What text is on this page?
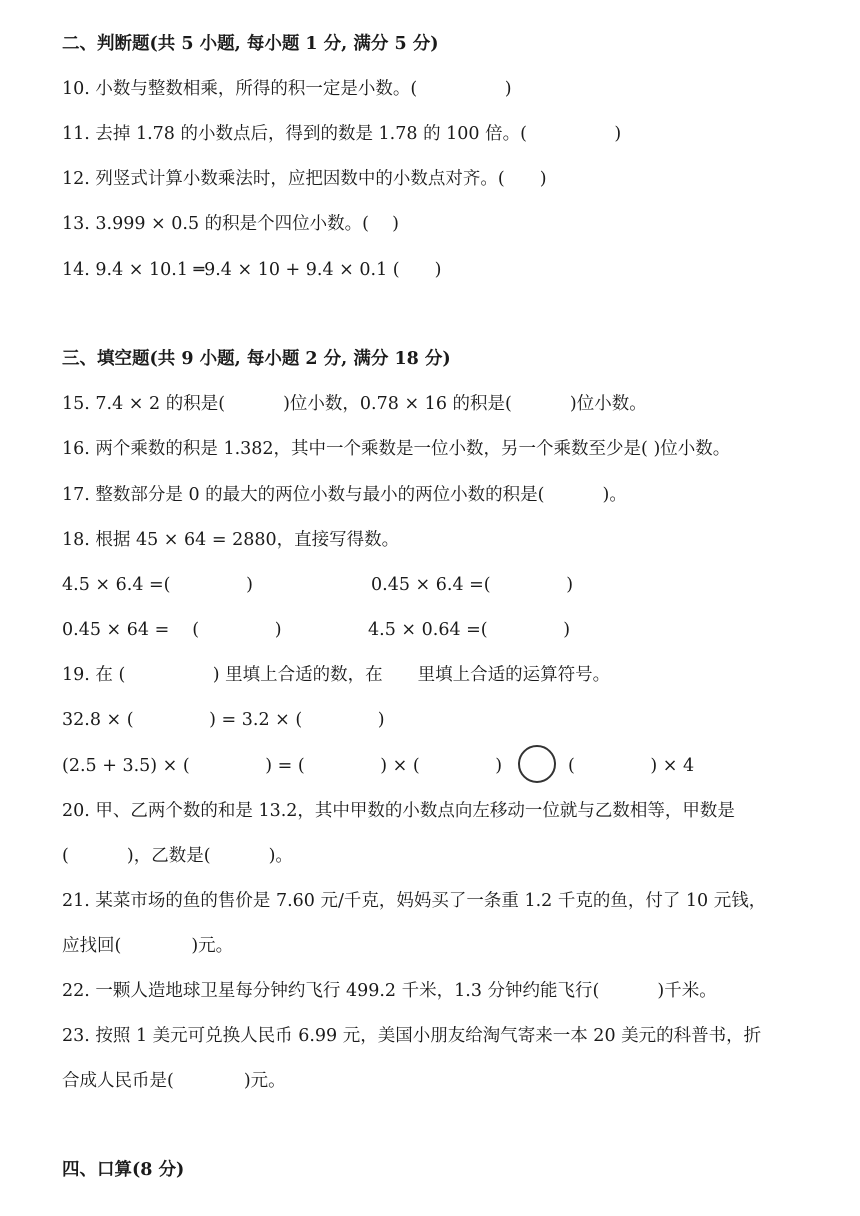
二、判断题(共 5 小题, 每小题 1 分, 满分 5 分)
10. 小数与整数相乘，所得的积一定是小数。(　　　　　)
11. 去掉 1.78 的小数点后，得到的数是 1.78 的 100 倍。(　　　　　)
12. 列竖式计算小数乘法时，应把因数中的小数点对齐。(　　)
13. 3.999 × 0.5 的积是个四位小数。(　 )
14. 9.4 × 10.1 ═9.4 × 10 + 9.4 × 0.1 (　　)
三、填空题(共 9 小题, 每小题 2 分, 满分 18 分)
15. 7.4 × 2 的积是(　　　 )位小数，0.78 × 16 的积是(　　　 )位小数。
16. 两个乘数的积是 1.382，其中一个乘数是一位小数，另一个乘数至少是( )位小数。
17. 整数部分是 0 的最大的两位小数与最小的两位小数的积是(　　　 )。
18. 根据 45 × 64 = 2880，直接写得数。
4.5 × 6.4 =(　　　　 )	0.45 × 6.4 =(　　　　 )
0.45 × 64 = 　(　　　　 )	4.5 × 0.64 =(　　　　 )
19. 在 (　　　　　) 里填上合适的数，在　　里填上合适的运算符号。
32.8 × (　　　　 ) = 3.2 × (　　　　 )
(2.5 + 3.5) × (　　　　 ) = (　　　　 ) × (　　　　 )	(　　　　 ) × 4
20. 甲、乙两个数的和是 13.2，其中甲数的小数点向左移动一位就与乙数相等，甲数是
(　　　 )，乙数是(　　　 )。
21. 某菜市场的鱼的售价是 7.60 元/千克，妈妈买了一条重 1.2 千克的鱼，付了 10 元钱，
应找回(　　　　)元。
22. 一颗人造地球卫星每分钟约飞行 499.2 千米，1.3 分钟约能飞行(　　　 )千米。
23. 按照 1 美元可兑换人民币 6.99 元，美国小朋友给淘气寄来一本 20 美元的科普书，折
合成人民币是(　　　　)元。
四、口算(8 分)
